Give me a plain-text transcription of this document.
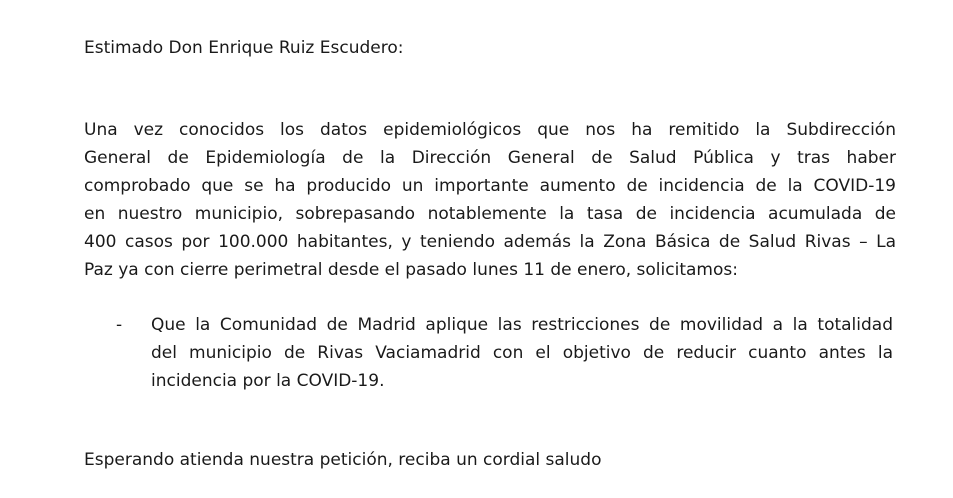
Estimado Don Enrique Ruiz Escudero:
Una vez conocidos los datos epidemiológicos que nos ha remitido la Subdirección
General de Epidemiología de la Dirección General de Salud Pública y tras haber
comprobado que se ha producido un importante aumento de incidencia de la COVID-19
en nuestro municipio, sobrepasando notablemente la tasa de incidencia acumulada de
400 casos por 100.000 habitantes, y teniendo además la Zona Básica de Salud Rivas – La
Paz ya con cierre perimetral desde el pasado lunes 11 de enero, solicitamos:
- Que la Comunidad de Madrid aplique las restricciones de movilidad a la totalidad
del municipio de Rivas Vaciamadrid con el objetivo de reducir cuanto antes la
incidencia por la COVID-19.
Esperando atienda nuestra petición, reciba un cordial saludo
